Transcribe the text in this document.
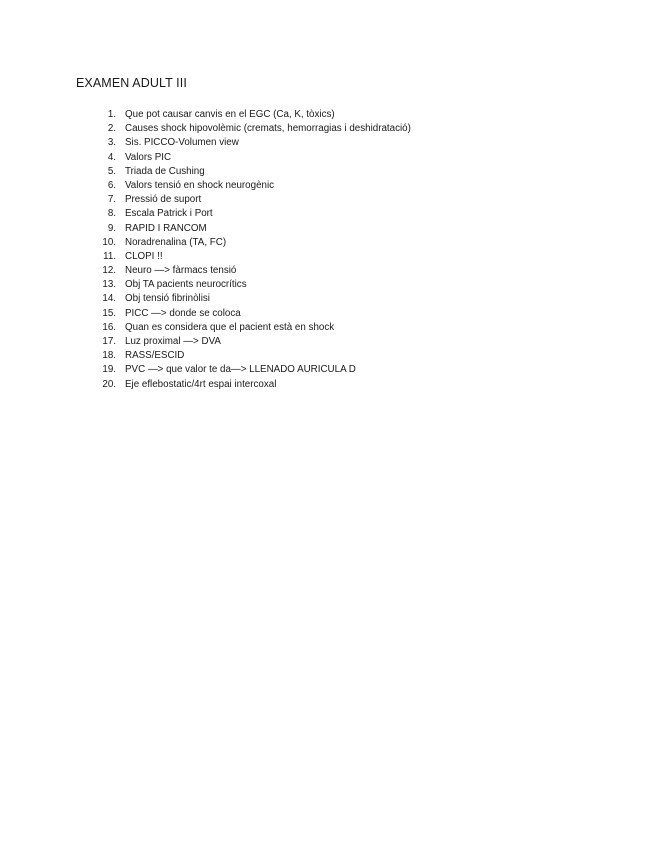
EXAMEN ADULT III
1. Que pot causar canvis en el EGC (Ca, K, tòxics)
2. Causes shock hipovolèmic (cremats, hemorragias i deshidratació)
3. Sis. PICCO-Volumen view
4. Valors PIC
5. Triada de Cushing
6. Valors tensió en shock neurogènic
7. Pressió de suport
8. Escala Patrick i Port
9. RAPID I RANCOM
10. Noradrenalina (TA, FC)
11. CLOPI !!
12. Neuro —> fàrmacs tensió
13. Obj TA pacients neurocrítics
14. Obj tensió fibrinòlisi
15. PICC —> donde se coloca
16. Quan es considera que el pacient està en shock
17. Luz proximal —> DVA
18. RASS/ESCID
19. PVC —> que valor te da—> LLENADO AURICULA D
20. Eje eflebostatic/4rt espai intercoxal
